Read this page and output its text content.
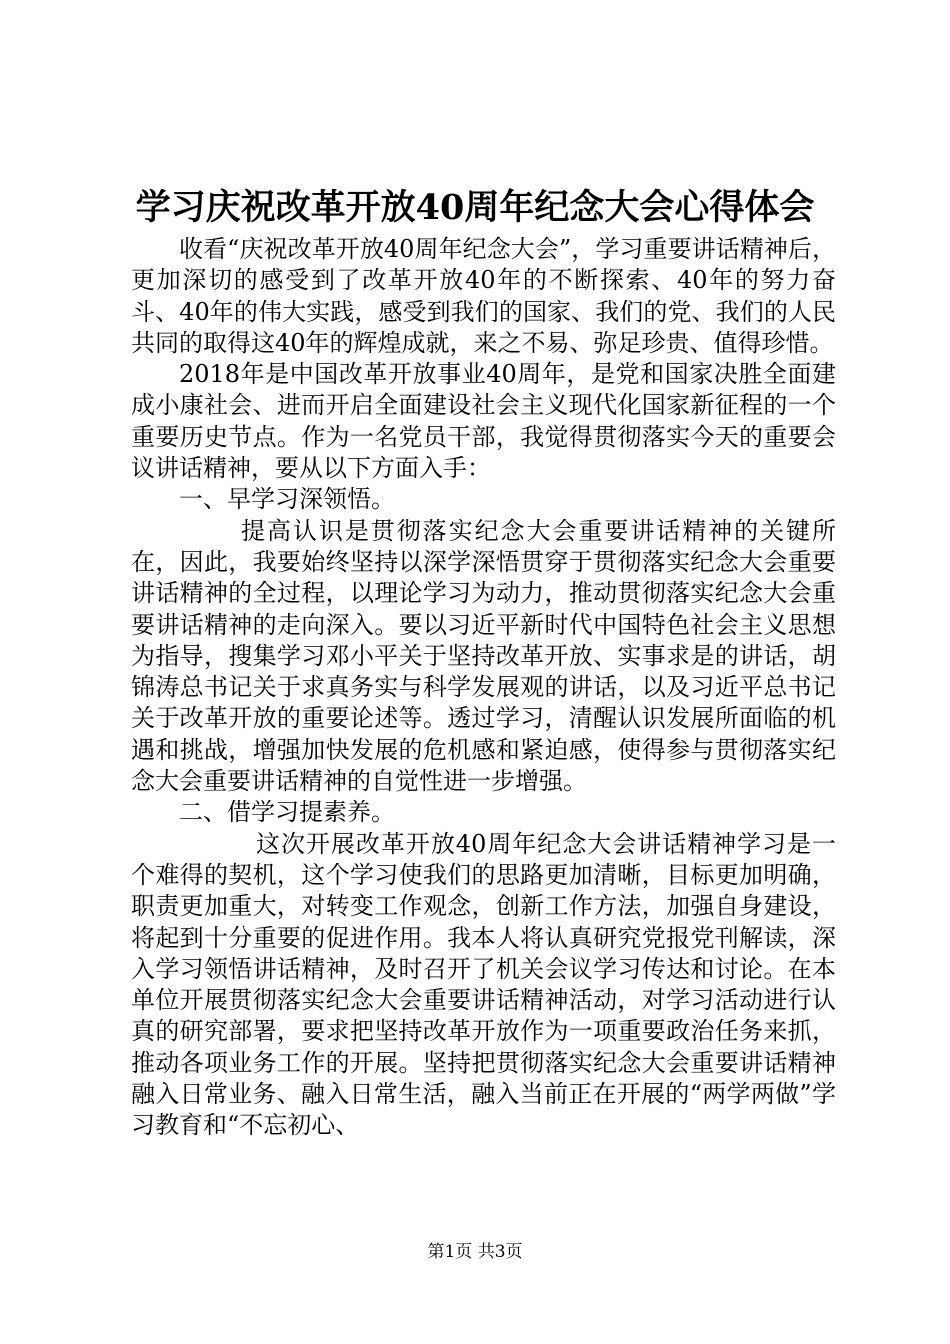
学习庆祝改革开放40周年纪念大会心得体会

收看“庆祝改革开放40周年纪念大会”，学习重要讲话精神后，更加深切的感受到了改革开放40年的不断探索、40年的努力奋斗、40年的伟大实践，感受到我们的国家、我们的党、我们的人民共同的取得这40年的辉煌成就，来之不易、弥足珍贵、值得珍惜。

2018年是中国改革开放事业40周年，是党和国家决胜全面建成小康社会、进而开启全面建设社会主义现代化国家新征程的一个重要历史节点。作为一名党员干部，我觉得贯彻落实今天的重要会议讲话精神，要从以下方面入手：

一、早学习深领悟。

提高认识是贯彻落实纪念大会重要讲话精神的关键所在，因此，我要始终坚持以深学深悟贯穿于贯彻落实纪念大会重要讲话精神的全过程，以理论学习为动力，推动贯彻落实纪念大会重要讲话精神的走向深入。要以习近平新时代中国特色社会主义思想为指导，搜集学习邓小平关于坚持改革开放、实事求是的讲话，胡锦涛总书记关于求真务实与科学发展观的讲话，以及习近平总书记关于改革开放的重要论述等。透过学习，清醒认识发展所面临的机遇和挑战，增强加快发展的危机感和紧迫感，使得参与贯彻落实纪念大会重要讲话精神的自觉性进一步增强。

二、借学习提素养。

这次开展改革开放40周年纪念大会讲话精神学习是一个难得的契机，这个学习使我们的思路更加清晰，目标更加明确，职责更加重大，对转变工作观念，创新工作方法，加强自身建设，将起到十分重要的促进作用。我本人将认真研究党报党刊解读，深入学习领悟讲话精神，及时召开了机关会议学习传达和讨论。在本单位开展贯彻落实纪念大会重要讲话精神活动，对学习活动进行认真的研究部署，要求把坚持改革开放作为一项重要政治任务来抓，推动各项业务工作的开展。坚持把贯彻落实纪念大会重要讲话精神融入日常业务、融入日常生活，融入当前正在开展的“两学两做”学习教育和“不忘初心、

第1页 共3页
